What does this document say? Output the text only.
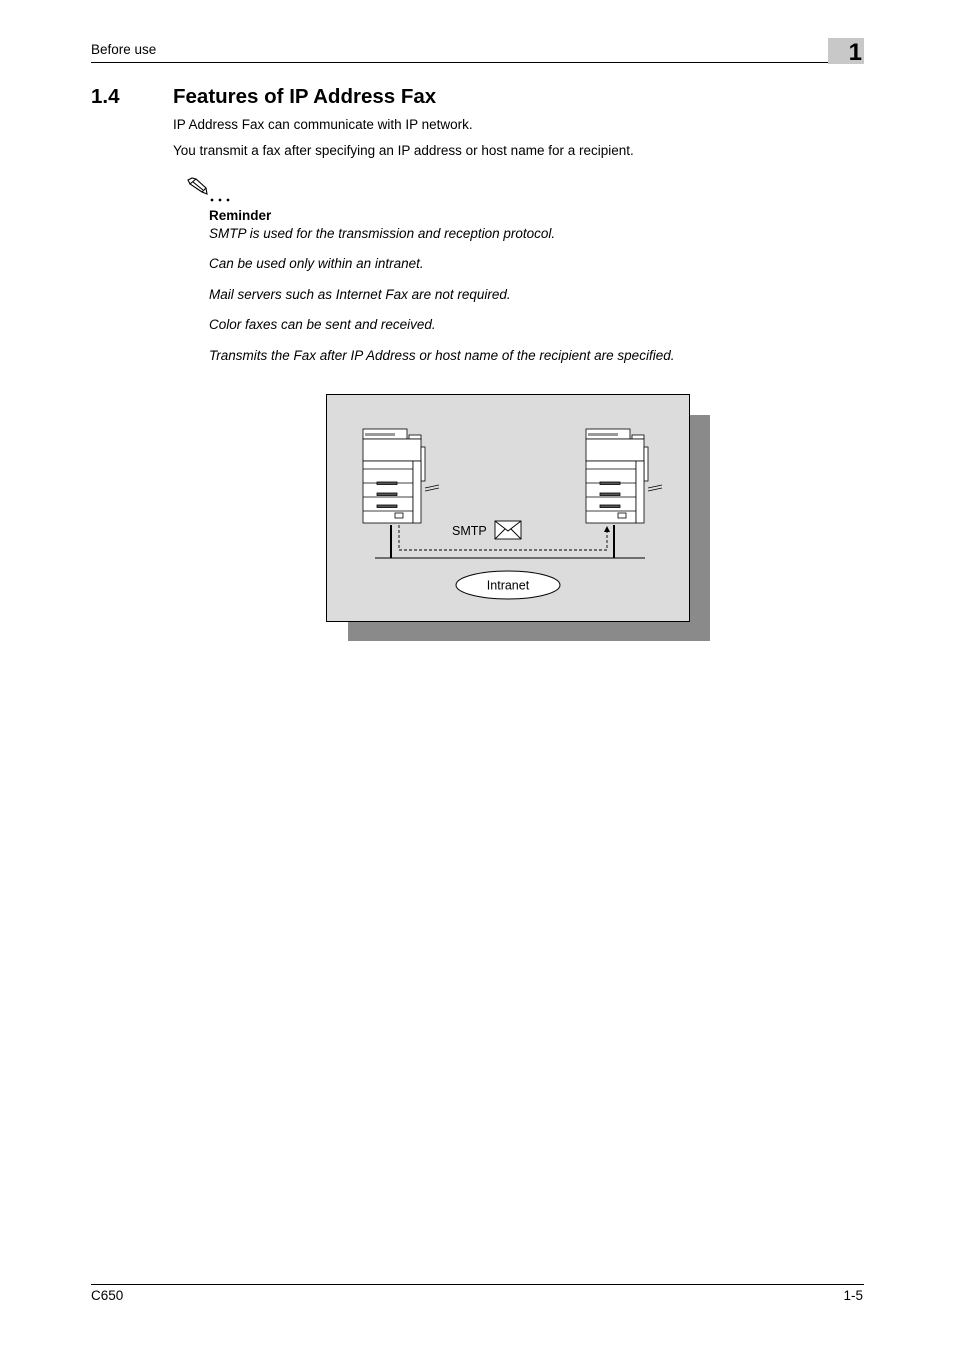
Before use	1
1.4	Features of IP Address Fax
IP Address Fax can communicate with IP network.
You transmit a fax after specifying an IP address or host name for a recipient.
Reminder
SMTP is used for the transmission and reception protocol.
Can be used only within an intranet.
Mail servers such as Internet Fax are not required.
Color faxes can be sent and received.
Transmits the Fax after IP Address or host name of the recipient are specified.
SMTP
Intranet
C650	1-5
